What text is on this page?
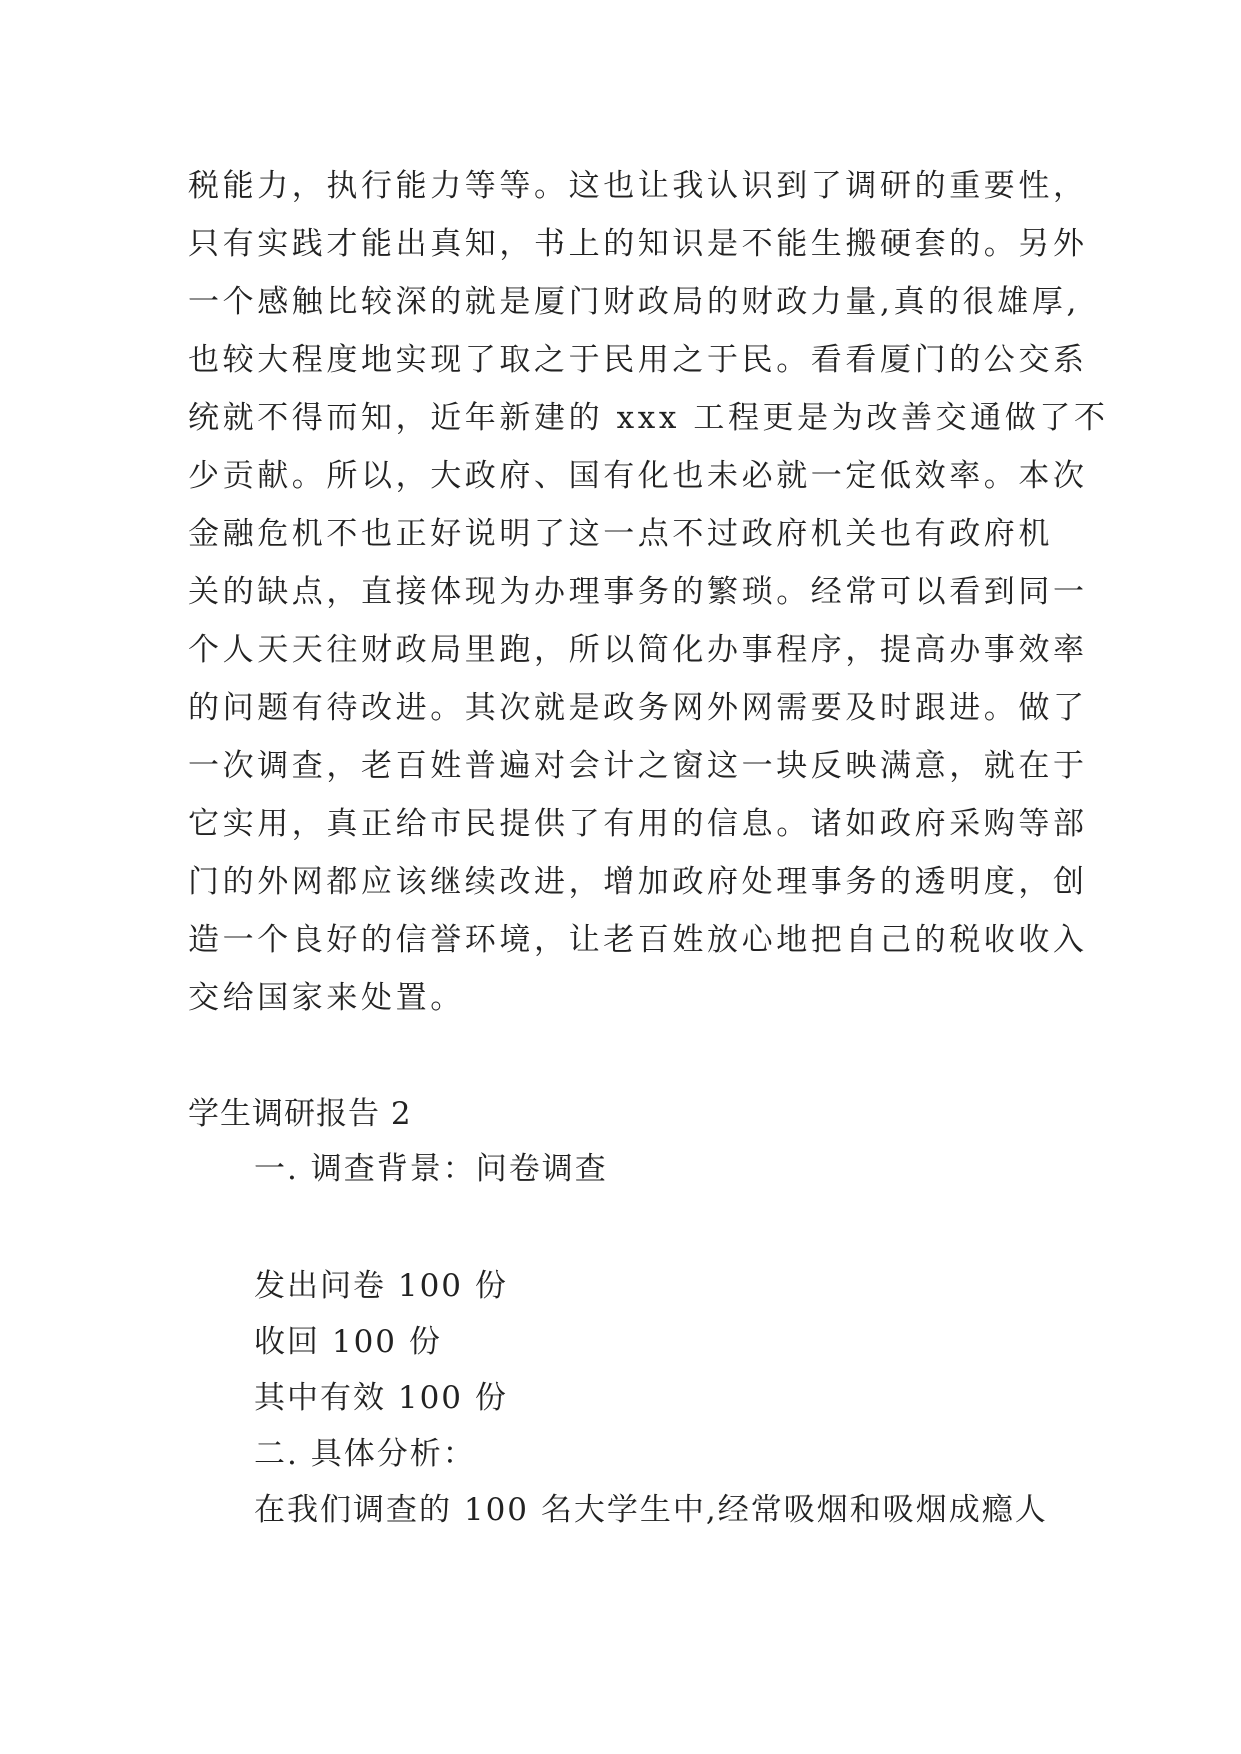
税能力，执行能力等等。这也让我认识到了调研的重要性，

只有实践才能出真知，书上的知识是不能生搬硬套的。另外

一个感触比较深的就是厦门财政局的财政力量,真的很雄厚,

也较大程度地实现了取之于民用之于民。看看厦门的公交系

统就不得而知，近年新建的 xxx 工程更是为改善交通做了不

少贡献。所以，大政府、国有化也未必就一定低效率。本次

金融危机不也正好说明了这一点不过政府机关也有政府机

关的缺点，直接体现为办理事务的繁琐。经常可以看到同一

个人天天往财政局里跑，所以简化办事程序，提高办事效率

的问题有待改进。其次就是政务网外网需要及时跟进。做了

一次调查，老百姓普遍对会计之窗这一块反映满意，就在于

它实用，真正给市民提供了有用的信息。诸如政府采购等部

门的外网都应该继续改进，增加政府处理事务的透明度，创

造一个良好的信誉环境，让老百姓放心地把自己的税收收入

交给国家来处置。

学生调研报告 2

一. 调查背景：问卷调查

发出问卷 100 份

收回 100 份

其中有效 100 份

二. 具体分析：

在我们调查的 100 名大学生中,经常吸烟和吸烟成瘾人
